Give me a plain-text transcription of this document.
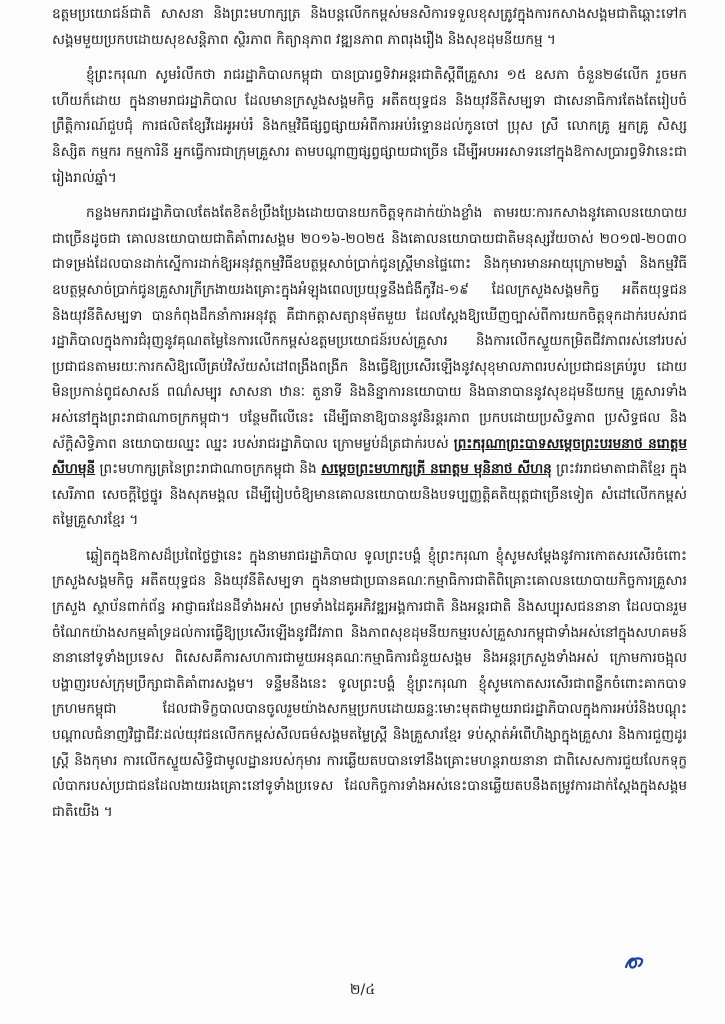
ឧត្តមប្រយោជន៍ជាតិ សាសនា និងព្រះមហាក្សត្រ និងបន្តលើកកម្ពស់មនសិការទទួលខុសត្រូវក្នុងការកសាងសង្គមជាតិឆ្ពោះទៅកសង្គមមួយប្រកបដោយសុខសន្តិភាព ស្ថិរភាព កិត្យានុភាព វឌ្ឍនភាព ភាពរុងរឿង និងសុខដុមនីយកម្ម ។

ខ្ញុំព្រះករុណា សូមរំលឹកថា រាជរដ្ឋាភិបាលកម្ពុជា បានប្រារព្ធទិវាអន្តរជាតិស្តីពីគ្រួសារ ១៥ ឧសភា ចំនួន២៨លើក រួចមកហើយក៏ដោយ ក្នុងនាមរាជរដ្ឋាភិបាល ដែលមានក្រសួងសង្គមកិច្ច អតីតយុទ្ធជន និងយុវនីតិសម្បទា ជាសេនាធិការតែងតែរៀបចំព្រឹត្តិការណ៍ជួបជុំ ការផលិតខ្សែវីដេអូអប់រំ និងកម្មវិធីផ្សព្វផ្សាយអំពីការអប់រំទ្ទោនដល់កូនចៅ ប្រុស ស្រី លោកគ្រូ អ្នកគ្រូ សិស្ស និស្សិត កម្មករ កម្មការិនី អ្នកធ្វើការជាក្រុមគ្រួសារ តាមបណ្តាញផ្សព្វផ្សាយជាច្រើន ដើម្បីអបអរសាទរនៅក្នុងឱកាសប្រារព្ធទិវានេះជារៀងរាល់ឆ្នាំ។

កន្លងមករាជរដ្ឋាភិបាលតែងតែខិតខំប្រឹងប្រែងដោយបានយកចិត្តទុកដាក់យ៉ាងខ្លាំង តាមរយៈការកសាងនូវគោលនយោបាយជាច្រើនដូចជា គោលនយោបាយជាតិគាំពារសង្គម ២០១៦-២០២៥ និងគោលនយោបាយជាតិមនុស្សវ័យចាស់ ២០១៧-២០៣០ ជាទម្រង់ដែលបានដាក់ស្នើការដាក់ឱ្យអនុវត្តកម្មវិធីឧបត្ថម្ភសាច់ប្រាក់ជូនស្ត្រីមានផ្ទៃពោះ និងកុមារមានអាយុក្រោម២ឆ្នាំ និងកម្មវិធីឧបត្ថម្ភសាច់ប្រាក់ជូនគ្រួសារក្រីក្រងាយរងគ្រោះក្នុងអំឡុងពេលប្រយុទ្ធនឹងជំងឺកូវីដ-១៩ ដែលក្រសួងសង្គមកិច្ច អតីតយុទ្ធជន និងយុវនីតិសម្បទា បានកំពុងដឹកនាំការអនុវត្ត គឺជាកត្តាសត្យានុម័តមួយ ដែលស្តែងឱ្យឃើញច្បាស់ពីការយកចិត្តទុកដាក់របស់រាជរដ្ឋាភិបាលក្នុងការជំរុញនូវគុណតម្លៃនៃការលើកកម្ពស់ឧត្តមប្រយោជន៍របស់គ្រួសារ និងការលើកស្ទួយកម្រិតជីវភាពរស់នៅរបស់ប្រជាជនតាមរយៈការកសិឱ្យលើគ្រប់វិស័យសំដៅពង្រឹងពង្រីក និងធ្វើឱ្យប្រសើរឡើងនូវសុខុមាលភាពរបស់ប្រជាជនគ្រប់រូប ដោយមិនប្រកាន់ពូជសាសន៍ ពណ៌សម្បុរ សាសនា ឋានៈ តួនាទី និងនិន្នាការនយោបាយ និងធានាបាននូវសុខដុមនីយកម្ម គ្រួសារទាំងអស់នៅក្នុងព្រះរាជាណាចក្រកម្ពុជា។ បន្ថែមពីលើនេះ ដើម្បីធានាឱ្យបាននូវនិរន្តរភាព ប្រកបដោយប្រសិទ្ធភាព ប្រសិទ្ធផល និងស័ក្តិសិទ្ធិភាព នយោបាយឈ្នះ ឈ្នះ របស់រាជរដ្ឋាភិបាល ក្រោមម្លប់ដ៏ត្រជាក់របស់ ព្រះករុណាព្រះបាទសម្តេចព្រះបរមនាថ នរោត្តម សីហមុនី ព្រះមហាក្សត្រនៃព្រះរាជាណាចក្រកម្ពុជា និង សម្តេចព្រះមហាក្សត្រី នរោត្តម មុនិនាថ សីហនុ ព្រះវររាជមាតាជាតិខ្មែរ ក្នុងសេរីភាព សេចក្តីថ្លៃថ្នូរ និងសុភមង្គល ដើម្បីរៀបចំឱ្យមានគោលនយោបាយនិងបទប្បញ្ញត្តិគតិយុត្តជាច្រើនទៀត សំដៅលើកកម្ពស់តម្លៃគ្រួសារខ្មែរ ។

ឆ្លៀតក្នុងឱកាសដ៏ប្រពៃថ្លៃថ្លានេះ ក្នុងនាមរាជរដ្ឋាភិបាល ទូលព្រះបង្គំ ខ្ញុំព្រះករុណា ខ្ញុំសូមសម្តែងនូវការកោតសរសើរចំពោះក្រសួងសង្គមកិច្ច អតីតយុទ្ធជន និងយុវនីតិសម្បទា ក្នុងនាមជាប្រធានគណៈកម្មាធិការជាតិពិគ្រោះគោលនយោបាយកិច្ចការគ្រួសារ ក្រសួង ស្ថាប័នពាក់ព័ន្ធ អាជ្ញាធរដែនដីទាំងអស់ ព្រមទាំងដៃគូអភិវឌ្ឍអង្គការជាតិ និងអន្តរជាតិ និងសប្បុរសជននានា ដែលបានរួមចំណែកយ៉ាងសកម្មគាំទ្រដល់ការធ្វើឱ្យប្រសើរឡើងនូវជីវភាព និងភាពសុខដុមនីយកម្មរបស់គ្រួសារកម្ពុជាទាំងអស់នៅក្នុងសហគមន៍នានានៅទូទាំងប្រទេស ពិសេសគឺការសហការជាមួយអនុគណៈកម្មាធិការជំនួយសង្គម និងអន្តរក្រសួងទាំងអស់ ក្រោមការចង្អុលបង្ហាញរបស់ក្រុមប្រឹក្សាជាតិគាំពារសង្គម។ ទន្ទឹមនឹងនេះ ទូលព្រះបង្គំ ខ្ញុំព្រះករុណា ខ្ញុំសូមកោតសរសើរជាពន្លឺកចំពោះគាកបាទក្រហមកម្ពុជា ដែលជាទិក្ខបាលបានចូលរួមយ៉ាងសកម្មប្រកបដោយឆន្ទៈមោះមុតជាមួយរាជរដ្ឋាភិបាលក្នុងការអប់រំនិងបណ្តុះបណ្តាលជំនាញវិជ្ជាជីវៈដល់យុវជនលើកកម្ពស់សីលធម៌សង្គមតម្លៃស្ត្រី និងគ្រួសារខ្មែរ ទប់ស្កាត់អំពើហិង្សាក្នុងគ្រួសារ និងការជួញដូរស្ត្រី និងកុមារ ការលើកស្ទួយសិទ្ធិជាមូលដ្ឋានរបស់កុមារ ការឆ្លើយតបបានទៅនឹងគ្រោះមហន្តរាយនានា ជាពិសេសការជួយលែកទុក្ខលំបាករបស់ប្រជាជនដែលងាយរងគ្រោះនៅទូទាំងប្រទេស ដែលកិច្ចការទាំងអស់នេះបានឆ្លើយតបនឹងតម្រូវការដាក់ស្តែងក្នុងសង្គមជាតិយើង ។

២/៤
